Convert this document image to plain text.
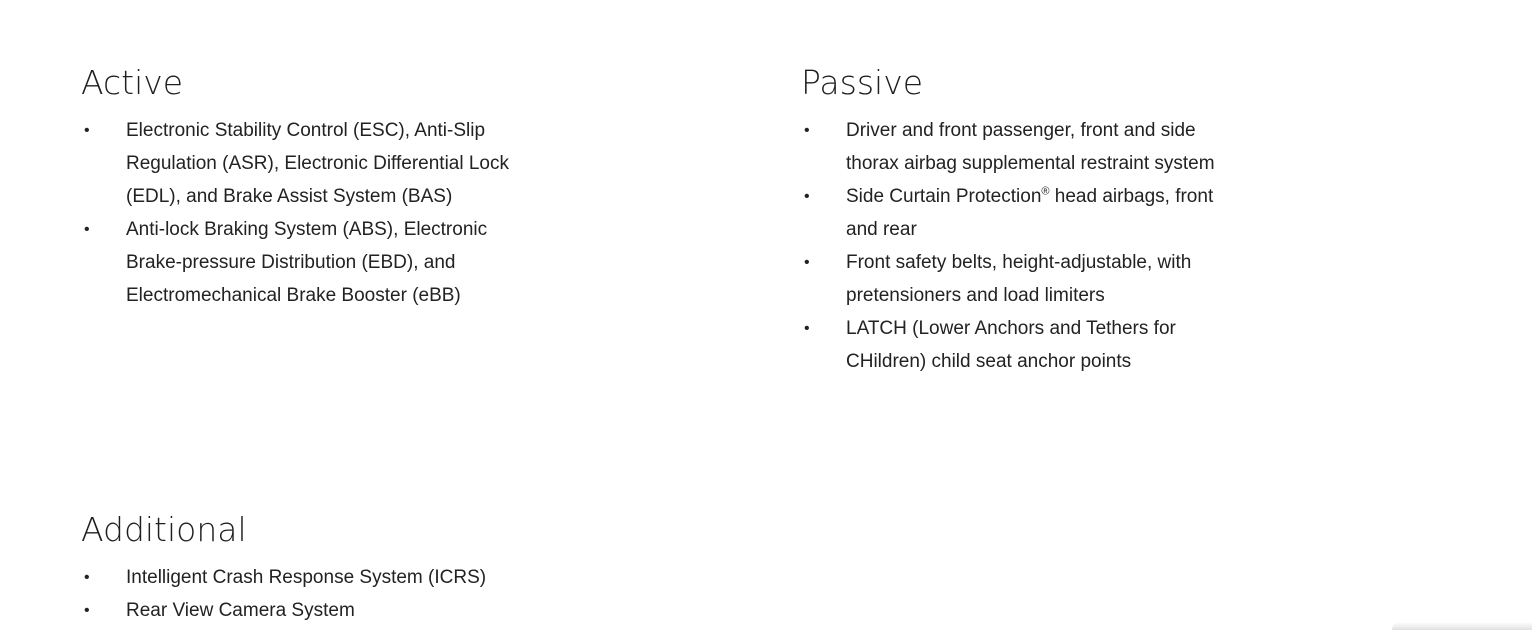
Active
• Electronic Stability Control (ESC), Anti-Slip Regulation (ASR), Electronic Differential Lock (EDL), and Brake Assist System (BAS)
• Anti-lock Braking System (ABS), Electronic Brake-pressure Distribution (EBD), and Electromechanical Brake Booster (eBB)
Passive
• Driver and front passenger, front and side thorax airbag supplemental restraint system
• Side Curtain Protection® head airbags, front and rear
• Front safety belts, height-adjustable, with pretensioners and load limiters
• LATCH (Lower Anchors and Tethers for CHildren) child seat anchor points
Additional
• Intelligent Crash Response System (ICRS)
• Rear View Camera System
